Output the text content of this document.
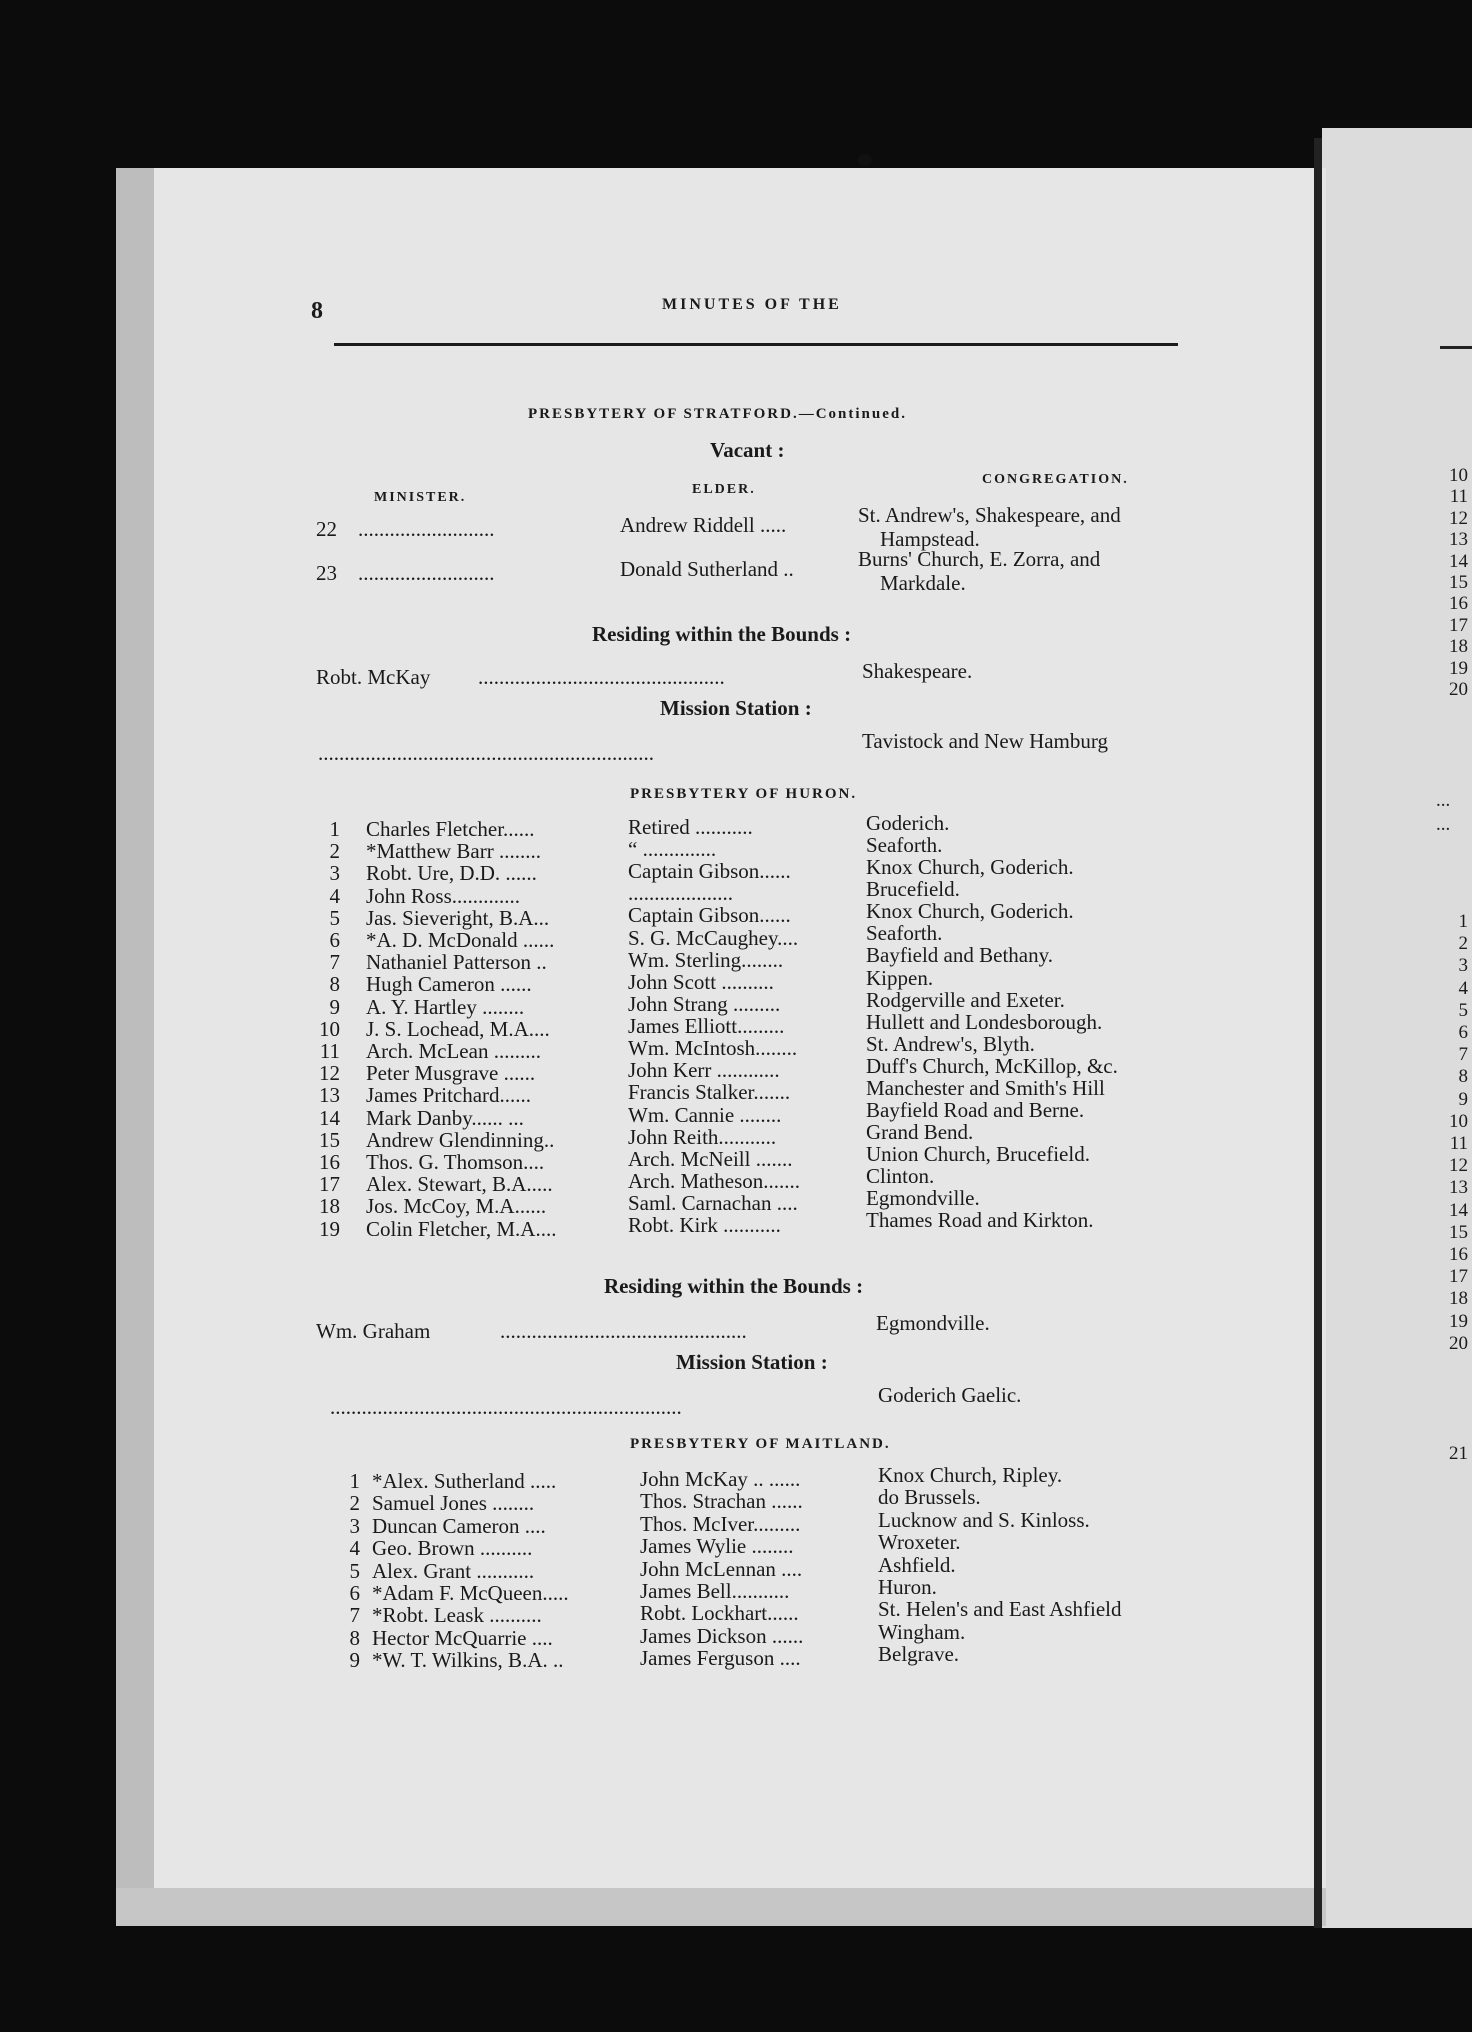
8	MINUTES OF THE
PRESBYTERY OF STRATFORD.—Continued.
Vacant :
MINISTER.
ELDER.
CONGREGATION.
22 ..........................	Andrew Riddell .....	St. Andrew's, Shakespeare, and
Hampstead.
23 ..........................	Donald Sutherland ..	Burns' Church, E. Zorra, and
Markdale.
Residing within the Bounds :
Robt. McKay ...............................................	Shakespeare.
Mission Station :
................................................................	Tavistock and New Hamburg
PRESBYTERY OF HURON.
1 Charles Fletcher......	Retired ...........	Goderich.
2 *Matthew Barr ........	“ ..............	Seaforth.
3 Robt. Ure, D.D. ......	Captain Gibson......	Knox Church, Goderich.
4 John Ross.............	....................	Brucefield.
5 Jas. Sieveright, B.A...	Captain Gibson......	Knox Church, Goderich.
6 *A. D. McDonald ......	S. G. McCaughey....	Seaforth.
7 Nathaniel Patterson ..	Wm. Sterling........	Bayfield and Bethany.
8 Hugh Cameron ......	John Scott ..........	Kippen.
9 A. Y. Hartley ........	John Strang .........	Rodgerville and Exeter.
10 J. S. Lochead, M.A....	James Elliott.........	Hullett and Londesborough.
11 Arch. McLean .........	Wm. McIntosh........	St. Andrew's, Blyth.
12 Peter Musgrave ......	John Kerr ............	Duff's Church, McKillop, &c.
13 James Pritchard......	Francis Stalker.......	Manchester and Smith's Hill
14 Mark Danby...... ...	Wm. Cannie ........	Bayfield Road and Berne.
15 Andrew Glendinning..	John Reith...........	Grand Bend.
16 Thos. G. Thomson....	Arch. McNeill .......	Union Church, Brucefield.
17 Alex. Stewart, B.A.....	Arch. Matheson.......	Clinton.
18 Jos. McCoy, M.A......	Saml. Carnachan ....	Egmondville.
19 Colin Fletcher, M.A....	Robt. Kirk ...........	Thames Road and Kirkton.
Residing within the Bounds :
Wm. Graham	...............................................	Egmondville.
Mission Station :
...................................................................	Goderich Gaelic.
PRESBYTERY OF MAITLAND.
1 *Alex. Sutherland .....	John McKay .. ......	Knox Church, Ripley.
2 Samuel Jones ........	Thos. Strachan ......	do Brussels.
3 Duncan Cameron ....	Thos. McIver.........	Lucknow and S. Kinloss.
4 Geo. Brown ..........	James Wylie ........	Wroxeter.
5 Alex. Grant ...........	John McLennan ....	Ashfield.
6 *Adam F. McQueen.....	James Bell...........	Huron.
7 *Robt. Leask ..........	Robt. Lockhart......	St. Helen's and East Ashfield
8 Hector McQuarrie ....	James Dickson ......	Wingham.
9 *W. T. Wilkins, B.A. ..	James Ferguson ....	Belgrave.
10
11
12
13
14
15
16
17
18
19
20
...
...
1
2
3
4
5
6
7
8
9
10
11
12
13
14
15
16
17
18
19
20
21
